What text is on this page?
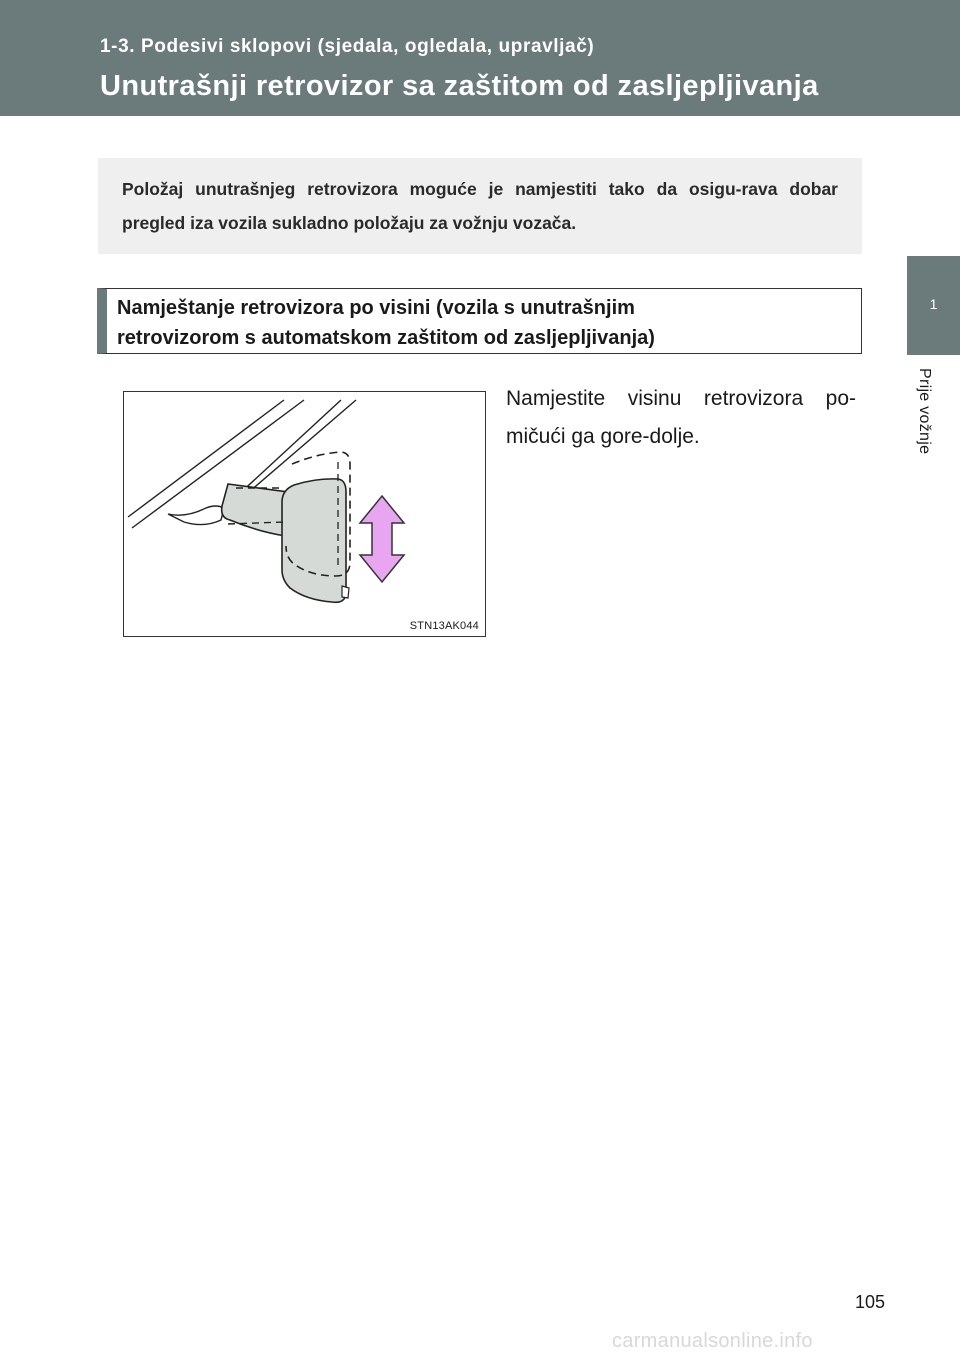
1-3. Podesivi sklopovi (sjedala, ogledala, upravljač)
Unutrašnji retrovizor sa zaštitom od zasljepljivanja
1
Prije vožnje
Položaj unutrašnjeg retrovizora moguće je namjestiti tako da osigu-rava dobar pregled iza vozila sukladno položaju za vožnju vozača.
Namještanje retrovizora po visini (vozila s unutrašnjim
retrovizorom s automatskom zaštitom od zasljepljivanja)
STN13AK044
Namjestite visinu retrovizora po-mičući ga gore-dolje.
105
carmanualsonline.info
